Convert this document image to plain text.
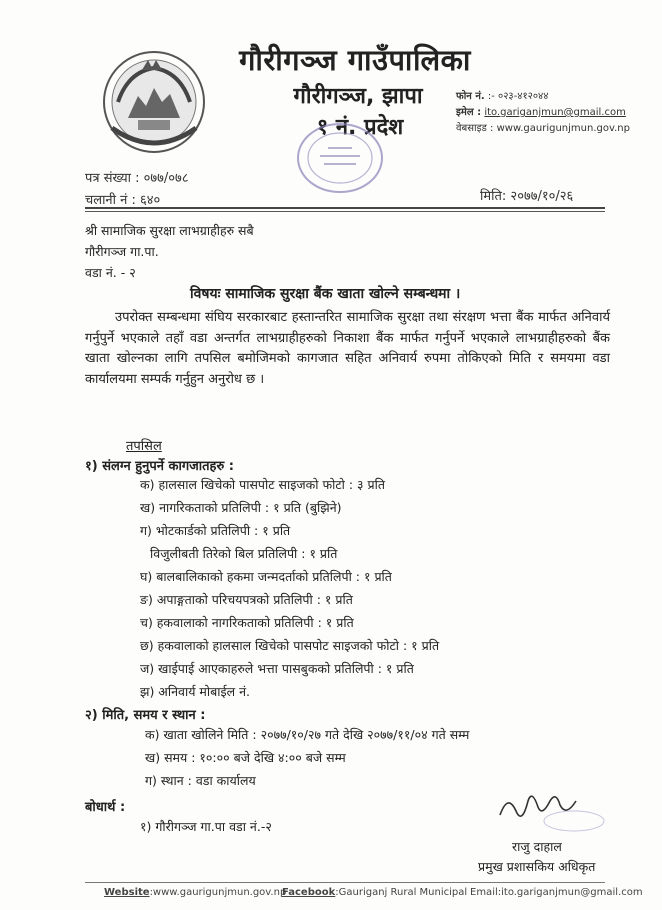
गौरीगञ्ज गाउँपालिका
गौरीगञ्ज, झापा
१ नं. प्रदेश
फोन नं. :- ०२३-४१२०४४
इमेल : ito.gariganjmun@gmail.com
वेबसाइड : www.gaurigunjmun.gov.np
पत्र संख्या : ०७७/०७८
चलानी नं : ६४०	मिति: २०७७/१०/२६
श्री सामाजिक सुरक्षा लाभग्राहीहरु सबै
गौरीगञ्ज गा.पा.
वडा नं. - २
विषयः सामाजिक सुरक्षा बैंक खाता खोल्ने सम्बन्धमा ।
उपरोक्त सम्बन्धमा संघिय सरकारबाट हस्तान्तरित सामाजिक सुरक्षा तथा संरक्षण भत्ता बैंक मार्फत अनिवार्य गर्नुपुर्ने भएकाले तहाँ वडा अन्तर्गत लाभग्राहीहरुको निकाशा बैंक मार्फत गर्नुपर्ने भएकाले लाभग्राहीहरुको बैंक खाता खोल्नका लागि तपसिल बमोजिमको कागजात सहित अनिवार्य रुपमा तोकिएको मिति र समयमा वडा कार्यालयमा सम्पर्क गर्नुहुन अनुरोध छ ।
तपसिल
१) संलग्न हुनुपर्ने कागजातहरु :
क) हालसाल खिचेको पासपोट साइजको फोटो : ३ प्रति
ख) नागरिकताको प्रतिलिपी : १ प्रति (बुझिने)
ग) भोटकार्डको प्रतिलिपी : १ प्रति
विजुलीबती तिरेको बिल प्रतिलिपी : १ प्रति
घ) बालबालिकाको हकमा जन्मदर्ताको प्रतिलिपी : १ प्रति
ङ) अपाङ्गताको परिचयपत्रको प्रतिलिपी : १ प्रति
च) हकवालाको नागरिकताको प्रतिलिपी : १ प्रति
छ) हकवालाको हालसाल खिचेको पासपोट साइजको फोटो : १ प्रति
ज) खाईपाई आएकाहरुले भत्ता पासबुकको प्रतिलिपी : १ प्रति
झ) अनिवार्य मोबाईल नं.
२) मिति, समय र स्थान :
क) खाता खोलिने मिति : २०७७/१०/२७ गते देखि २०७७/११/०४ गते सम्म
ख) समय : १०:०० बजे देखि ४:०० बजे सम्म
ग) स्थान : वडा कार्यालय
बोधार्थ :
१) गौरीगञ्ज गा.पा वडा नं.-२
राजु दाहाल
प्रमुख प्रशासकिय अधिकृत
Website:www.gaurigunjmun.gov.np
Facebook:Gauriganj Rural Municipal Email:ito.gariganjmun@gmail.com
